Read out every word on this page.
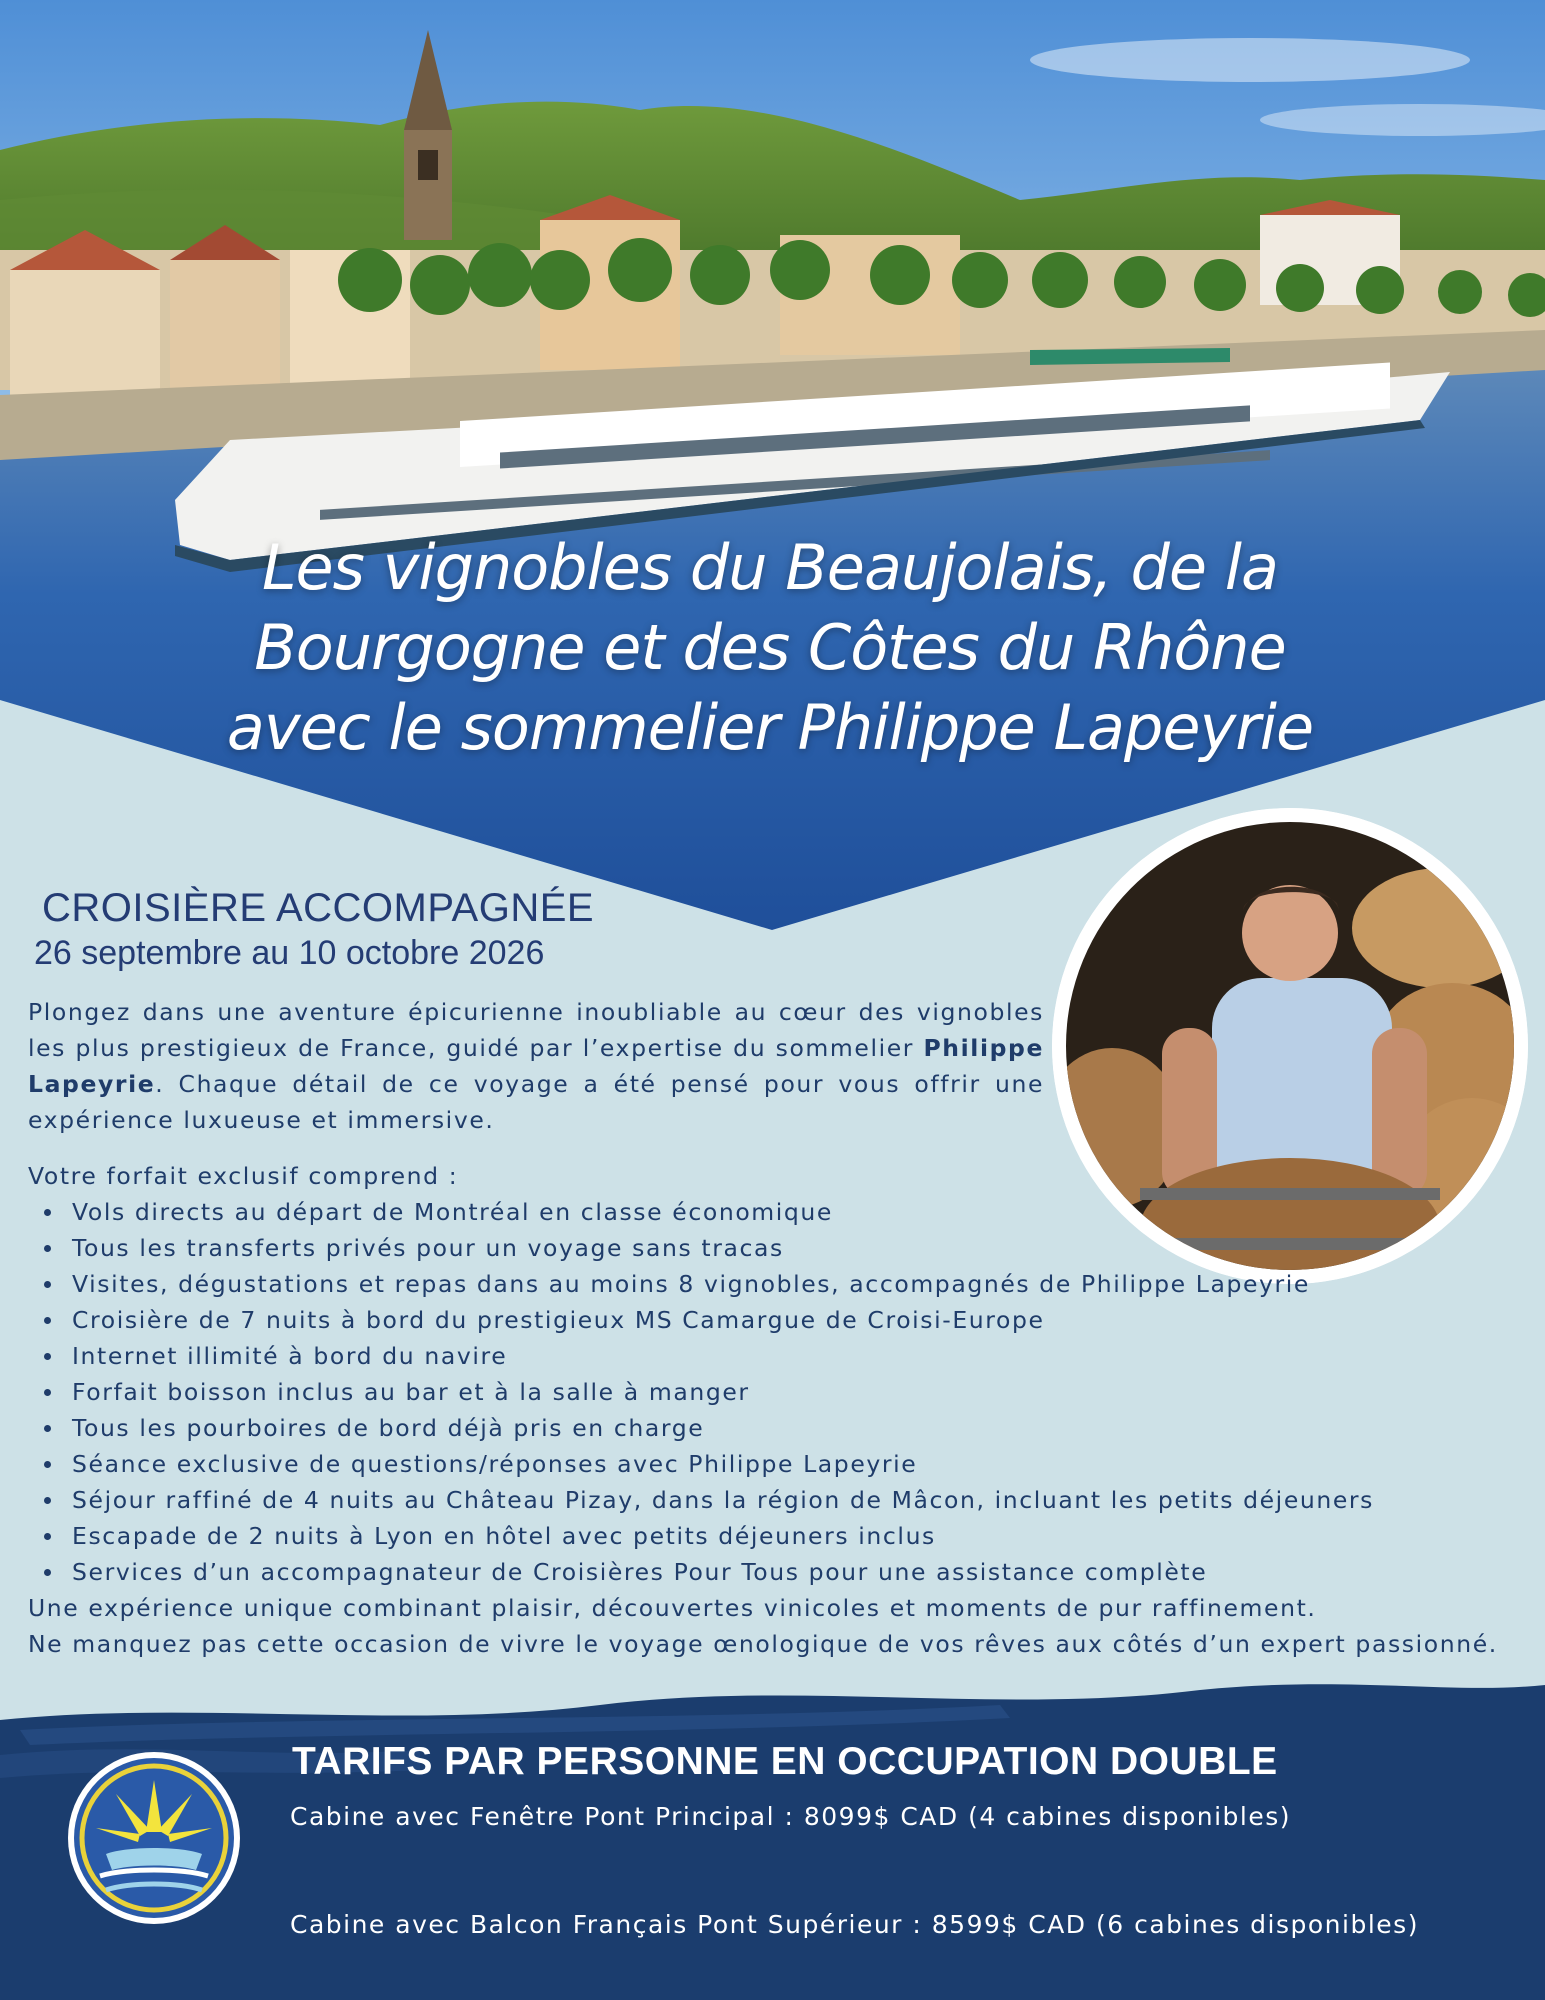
Les vignobles du Beaujolais, de la
Bourgogne et des Côtes du Rhône
avec le sommelier Philippe Lapeyrie
CROISIÈRE ACCOMPAGNÉE
26 septembre au 10 octobre 2026

Plongez dans une aventure épicurienne inoubliable au cœur des vignobles les plus prestigieux de France, guidé par l’expertise du sommelier Philippe Lapeyrie. Chaque détail de ce voyage a été pensé pour vous offrir une expérience luxueuse et immersive.

Votre forfait exclusif comprend :

Vols directs au départ de Montréal en classe économique
Tous les transferts privés pour un voyage sans tracas
Visites, dégustations et repas dans au moins 8 vignobles, accompagnés de Philippe Lapeyrie
Croisière de 7 nuits à bord du prestigieux MS Camargue de Croisi-Europe
Internet illimité à bord du navire
Forfait boisson inclus au bar et à la salle à manger
Tous les pourboires de bord déjà pris en charge
Séance exclusive de questions/réponses avec Philippe Lapeyrie
Séjour raffiné de 4 nuits au Château Pizay, dans la région de Mâcon, incluant les petits déjeuners
Escapade de 2 nuits à Lyon en hôtel avec petits déjeuners inclus
Services d’un accompagnateur de Croisières Pour Tous pour une assistance complète

Une expérience unique combinant plaisir, découvertes vinicoles et moments de pur raffinement.

Ne manquez pas cette occasion de vivre le voyage œnologique de vos rêves aux côtés d’un expert passionné.

TARIFS PAR PERSONNE EN OCCUPATION DOUBLE
Cabine avec Fenêtre Pont Principal : 8099$ CAD (4 cabines disponibles)
Cabine avec Balcon Français Pont Supérieur : 8599$ CAD (6 cabines disponibles)
